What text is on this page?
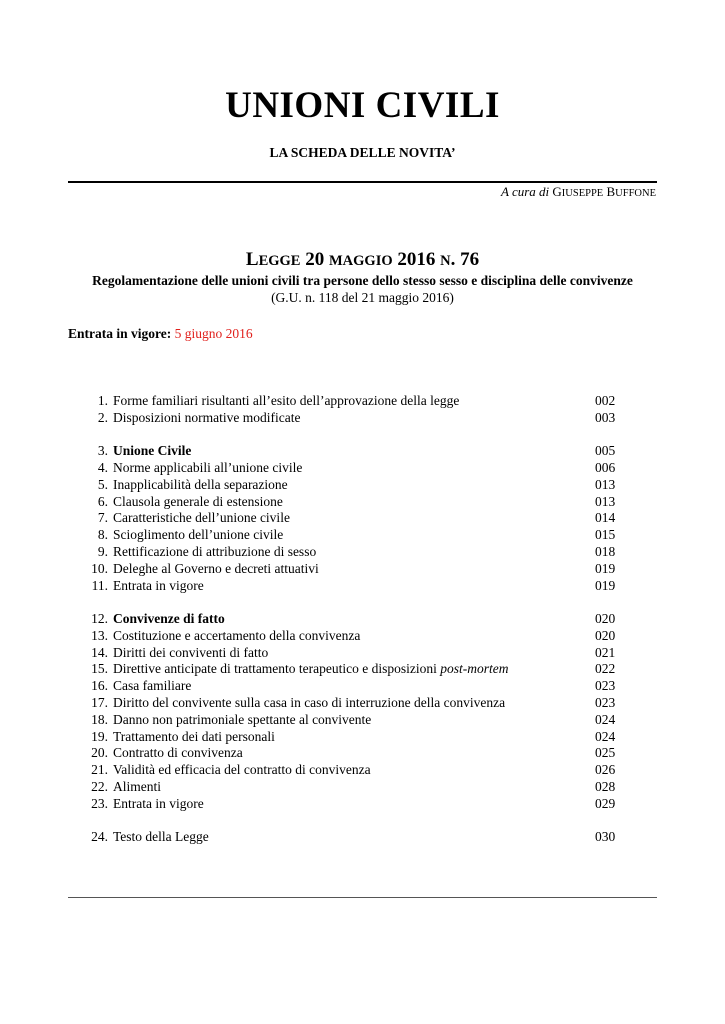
UNIONI CIVILI
LA SCHEDA DELLE NOVITA’
A cura di GIUSEPPE BUFFONE
LEGGE 20 MAGGIO 2016 N. 76
Regolamentazione delle unioni civili tra persone dello stesso sesso e disciplina delle convivenze
(G.U. n. 118 del 21 maggio 2016)
Entrata in vigore: 5 giugno 2016
1. Forme familiari risultanti all’esito dell’approvazione della legge	002
2. Disposizioni normative modificate	003
3. Unione Civile	005
4. Norme applicabili all’unione civile	006
5. Inapplicabilità della separazione	013
6. Clausola generale di estensione	013
7. Caratteristiche dell’unione civile	014
8. Scioglimento dell’unione civile	015
9. Rettificazione di attribuzione di sesso	018
10. Deleghe al Governo e decreti attuativi	019
11. Entrata in vigore	019
12. Convivenze di fatto	020
13. Costituzione e accertamento della convivenza	020
14. Diritti dei conviventi di fatto	021
15. Direttive anticipate di trattamento terapeutico e disposizioni post-mortem	022
16. Casa familiare	023
17. Diritto del convivente sulla casa in caso di interruzione della convivenza	023
18. Danno non patrimoniale spettante al convivente	024
19. Trattamento dei dati personali	024
20. Contratto di convivenza	025
21. Validità ed efficacia del contratto di convivenza	026
22. Alimenti	028
23. Entrata in vigore	029
24. Testo della Legge	030
